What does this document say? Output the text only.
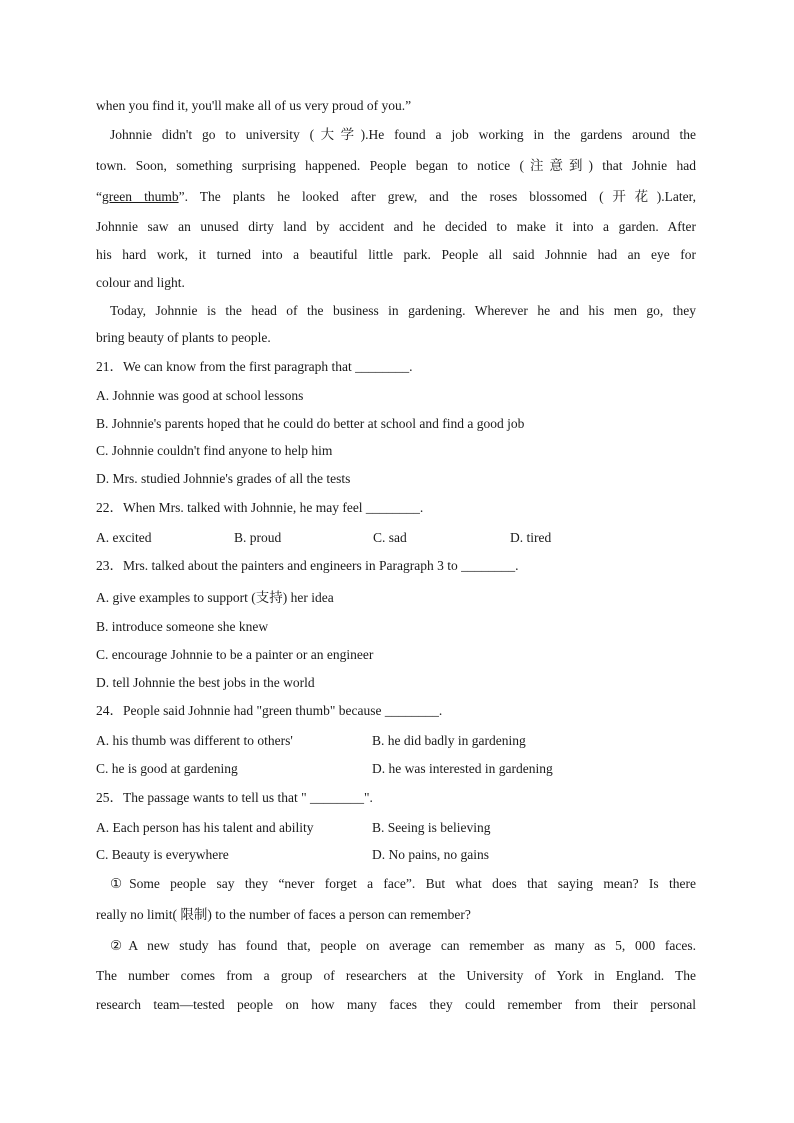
when you find it, you'll make all of us very proud of you.”
Johnnie didn't go to university (大学).He found a job working in the gardens around the
town. Soon, something surprising happened. People began to notice (注意到) that Johnie had
“green thumb”. The plants he looked after grew, and the roses blossomed (开花).Later,
Johnnie saw an unused dirty land by accident and he decided to make it into a garden. After
his hard work, it turned into a beautiful little park. People all said Johnnie had an eye for
colour and light.
Today, Johnnie is the head of the business in gardening. Wherever he and his men go, they
bring beauty of plants to people.
21．We can know from the first paragraph that ________.
A. Johnnie was good at school lessons
B. Johnnie's parents hoped that he could do better at school and find a good job
C. Johnnie couldn't find anyone to help him
D. Mrs. studied Johnnie's grades of all the tests
22．When Mrs. talked with Johnnie, he may feel ________.
A. excited	B. proud	C. sad	D. tired
23．Mrs. talked about the painters and engineers in Paragraph 3 to ________.
A. give examples to support (支持) her idea
B. introduce someone she knew
C. encourage Johnnie to be a painter or an engineer
D. tell Johnnie the best jobs in the world
24．People said Johnnie had "green thumb" because ________.
A. his thumb was different to others'	B. he did badly in gardening
C. he is good at gardening	D. he was interested in gardening
25．The passage wants to tell us that " ________".
A. Each person has his talent and ability	B. Seeing is believing
C. Beauty is everywhere	D. No pains, no gains
①Some people say they “never forget a face”. But what does that saying mean? Is there
really no limit( 限制) to the number of faces a person can remember?
②A new study has found that, people on average can remember as many as 5, 000 faces.
The number comes from a group of researchers at the University of York in England. The
research team—tested people on how many faces they could remember from their personal
